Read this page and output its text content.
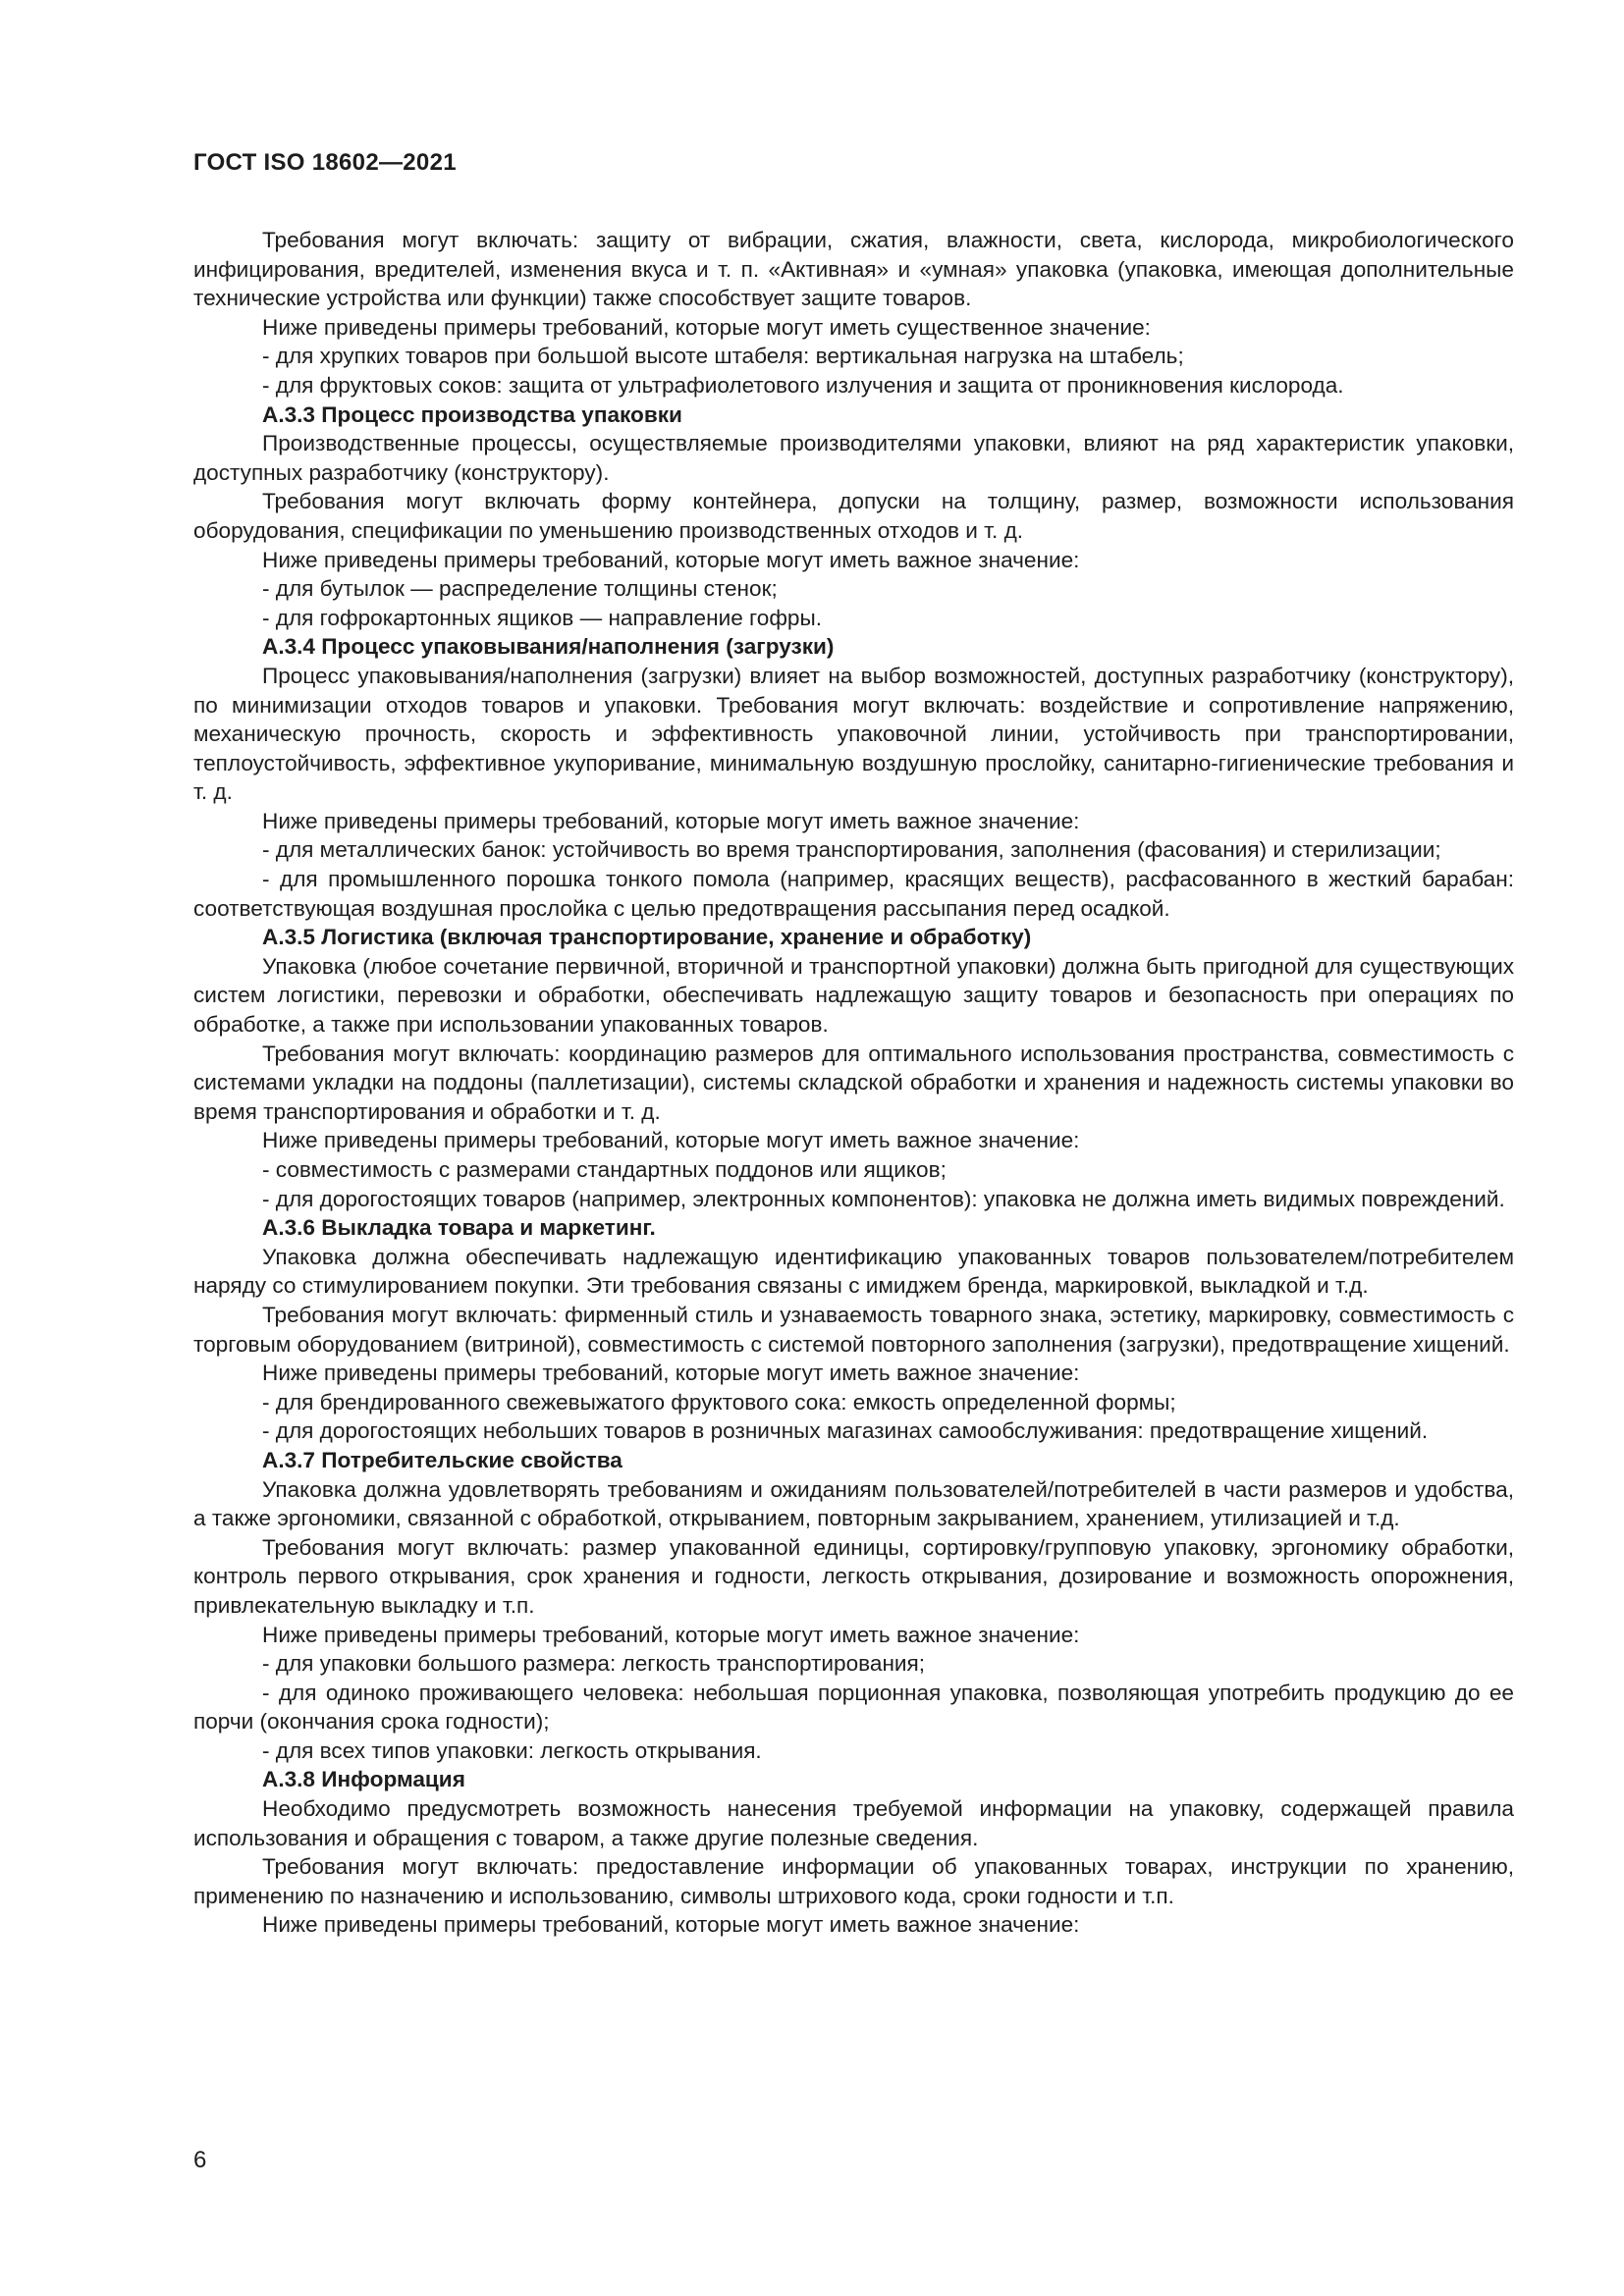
ГОСТ ISO 18602—2021

Требования могут включать: защиту от вибрации, сжатия, влажности, света, кислорода, микробиологического инфицирования, вредителей, изменения вкуса и т. п. «Активная» и «умная» упаковка (упаковка, имеющая дополнительные технические устройства или функции) также способствует защите товаров.

Ниже приведены примеры требований, которые могут иметь существенное значение:

- для хрупких товаров при большой высоте штабеля: вертикальная нагрузка на штабель;

- для фруктовых соков: защита от ультрафиолетового излучения и защита от проникновения кислорода.

А.3.3 Процесс производства упаковки

Производственные процессы, осуществляемые производителями упаковки, влияют на ряд характеристик упаковки, доступных разработчику (конструктору).

Требования могут включать форму контейнера, допуски на толщину, размер, возможности использования оборудования, спецификации по уменьшению производственных отходов и т. д.

Ниже приведены примеры требований, которые могут иметь важное значение:

- для бутылок — распределение толщины стенок;

- для гофрокартонных ящиков — направление гофры.

А.3.4 Процесс упаковывания/наполнения (загрузки)

Процесс упаковывания/наполнения (загрузки) влияет на выбор возможностей, доступных разработчику (конструктору), по минимизации отходов товаров и упаковки. Требования могут включать: воздействие и сопротивление напряжению, механическую прочность, скорость и эффективность упаковочной линии, устойчивость при транспортировании, теплоустойчивость, эффективное укупоривание, минимальную воздушную прослойку, санитарно-гигиенические требования и т. д.

Ниже приведены примеры требований, которые могут иметь важное значение:

- для металлических банок: устойчивость во время транспортирования, заполнения (фасования) и стерилизации;

- для промышленного порошка тонкого помола (например, красящих веществ), расфасованного в жесткий барабан: соответствующая воздушная прослойка с целью предотвращения рассыпания перед осадкой.

А.3.5 Логистика (включая транспортирование, хранение и обработку)

Упаковка (любое сочетание первичной, вторичной и транспортной упаковки) должна быть пригодной для существующих систем логистики, перевозки и обработки, обеспечивать надлежащую защиту товаров и безопасность при операциях по обработке, а также при использовании упакованных товаров.

Требования могут включать: координацию размеров для оптимального использования пространства, совместимость с системами укладки на поддоны (паллетизации), системы складской обработки и хранения и надежность системы упаковки во время транспортирования и обработки и т. д.

Ниже приведены примеры требований, которые могут иметь важное значение:

- совместимость с размерами стандартных поддонов или ящиков;

- для дорогостоящих товаров (например, электронных компонентов): упаковка не должна иметь видимых повреждений.

А.3.6 Выкладка товара и маркетинг.

Упаковка должна обеспечивать надлежащую идентификацию упакованных товаров пользователем/потребителем наряду со стимулированием покупки. Эти требования связаны с имиджем бренда, маркировкой, выкладкой и т.д.

Требования могут включать: фирменный стиль и узнаваемость товарного знака, эстетику, маркировку, совместимость с торговым оборудованием (витриной), совместимость с системой повторного заполнения (загрузки), предотвращение хищений.

Ниже приведены примеры требований, которые могут иметь важное значение:

- для брендированного свежевыжатого фруктового сока: емкость определенной формы;

- для дорогостоящих небольших товаров в розничных магазинах самообслуживания: предотвращение хищений.

А.3.7 Потребительские свойства

Упаковка должна удовлетворять требованиям и ожиданиям пользователей/потребителей в части размеров и удобства, а также эргономики, связанной с обработкой, открыванием, повторным закрыванием, хранением, утилизацией и т.д.

Требования могут включать: размер упакованной единицы, сортировку/групповую упаковку, эргономику обработки, контроль первого открывания, срок хранения и годности, легкость открывания, дозирование и возможность опорожнения, привлекательную выкладку и т.п.

Ниже приведены примеры требований, которые могут иметь важное значение:

- для упаковки большого размера: легкость транспортирования;

- для одиноко проживающего человека: небольшая порционная упаковка, позволяющая употребить продукцию до ее порчи (окончания срока годности);

- для всех типов упаковки: легкость открывания.

А.3.8 Информация

Необходимо предусмотреть возможность нанесения требуемой информации на упаковку, содержащей правила использования и обращения с товаром, а также другие полезные сведения.

Требования могут включать: предоставление информации об упакованных товарах, инструкции по хранению, применению по назначению и использованию, символы штрихового кода, сроки годности и т.п.

Ниже приведены примеры требований, которые могут иметь важное значение:

6
